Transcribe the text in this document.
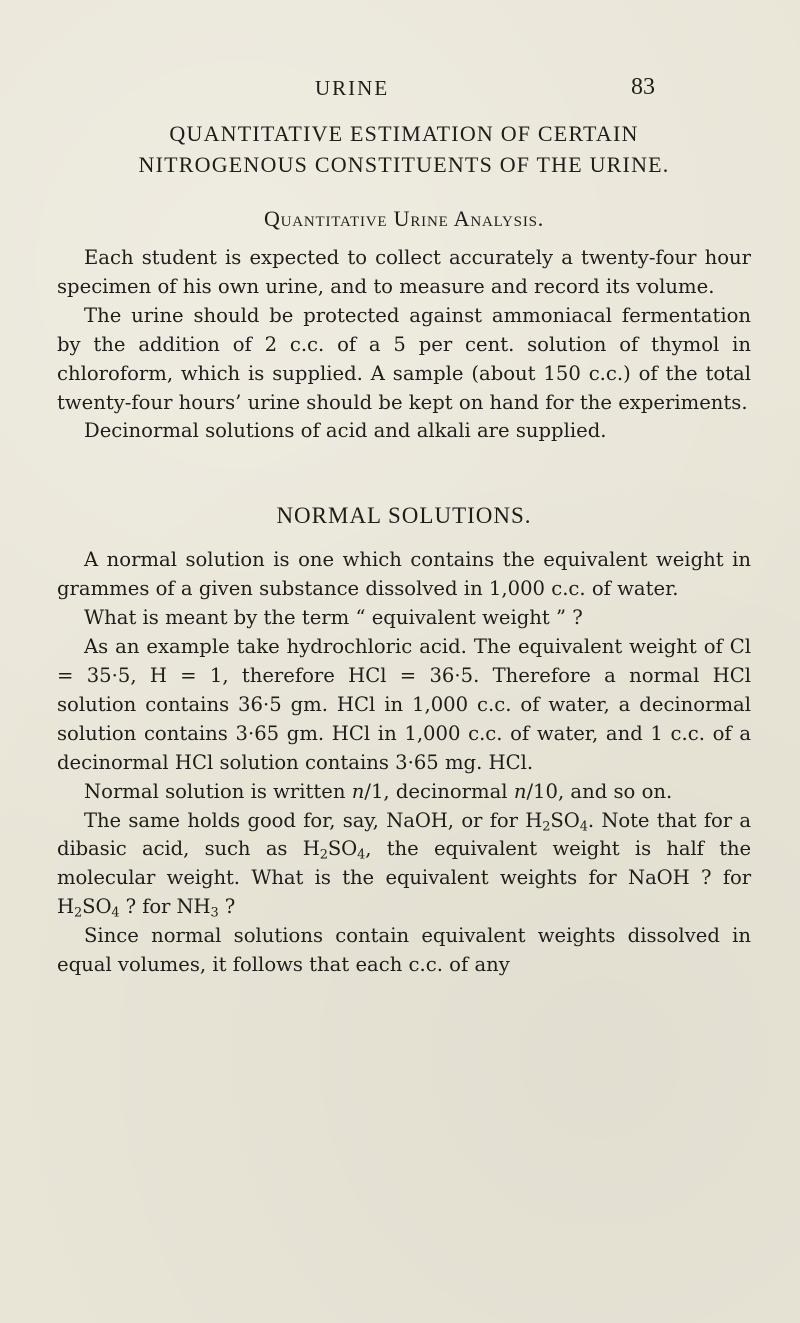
URINE	83
QUANTITATIVE ESTIMATION OF CERTAIN
NITROGENOUS CONSTITUENTS OF THE URINE.
Quantitative Urine Analysis.

Each student is expected to collect accurately a twenty-four hour specimen of his own urine, and to measure and record its volume.

The urine should be protected against ammoniacal fermentation by the addition of 2 c.c. of a 5 per cent. solution of thymol in chloroform, which is supplied. A sample (about 150 c.c.) of the total twenty-four hours’ urine should be kept on hand for the experiments.

Decinormal solutions of acid and alkali are supplied.

NORMAL SOLUTIONS.

A normal solution is one which contains the equivalent weight in grammes of a given substance dissolved in 1,000 c.c. of water.

What is meant by the term “ equivalent weight ” ?

As an example take hydrochloric acid. The equivalent weight of Cl = 35·5, H = 1, therefore HCl = 36·5. Therefore a normal HCl solution contains 36·5 gm. HCl in 1,000 c.c. of water, a decinormal solution contains 3·65 gm. HCl in 1,000 c.c. of water, and 1 c.c. of a decinormal HCl solution contains 3·65 mg. HCl.

Normal solution is written n/1, decinormal n/10, and so on.

The same holds good for, say, NaOH, or for $H_2SO_4$. Note that for a dibasic acid, such as $H_2SO_4$, the equivalent weight is half the molecular weight. What is the equivalent weights for NaOH ? for $H_2SO_4$ ? for $NH_3$ ?

Since normal solutions contain equivalent weights dissolved in equal volumes, it follows that each c.c. of any
